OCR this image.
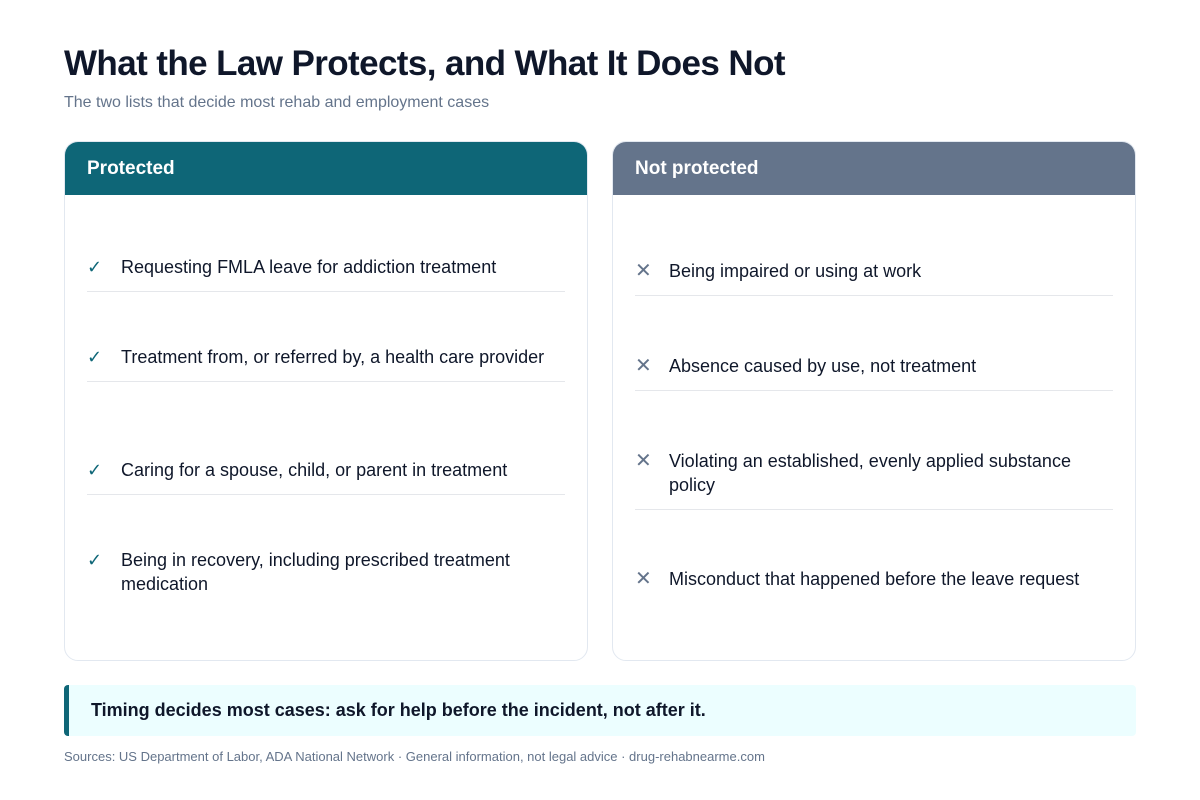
What the Law Protects, and What It Does Not

The two lists that decide most rehab and employment cases

Protected
✓	Requesting FMLA leave for addiction treatment
✓	Treatment from, or referred by, a health care provider
✓	Caring for a spouse, child, or parent in treatment
✓	Being in recovery, including prescribed treatment medication
Not protected
✕ Being impaired or using at work
✕ Absence caused by use, not treatment
✕ Violating an established, evenly applied substance policy
✕ Misconduct that happened before the leave request
Timing decides most cases: ask for help before the incident, not after it.

Sources: US Department of Labor, ADA National Network · General information, not legal advice · drug-rehabnearme.com
